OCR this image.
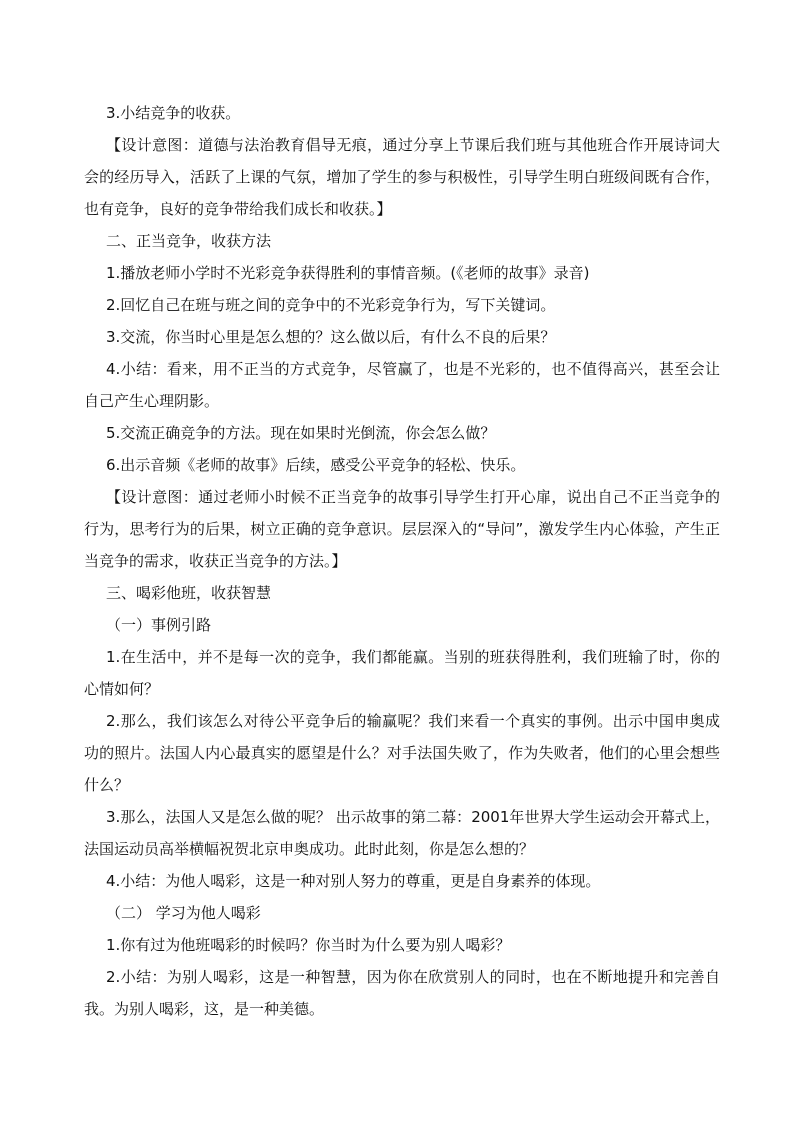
3.小结竞争的收获。

【设计意图：道德与法治教育倡导无痕，通过分享上节课后我们班与其他班合作开展诗词大会的经历导入，活跃了上课的气氛，增加了学生的参与积极性，引导学生明白班级间既有合作，也有竞争，良好的竞争带给我们成长和收获。】

二、正当竞争，收获方法

1.播放老师小学时不光彩竞争获得胜利的事情音频。(《老师的故事》录音)

2.回忆自己在班与班之间的竞争中的不光彩竞争行为，写下关键词。

3.交流，你当时心里是怎么想的？这么做以后，有什么不良的后果？

4.小结：看来，用不正当的方式竞争，尽管赢了，也是不光彩的，也不值得高兴，甚至会让自己产生心理阴影。

5.交流正确竞争的方法。现在如果时光倒流，你会怎么做？

6.出示音频《老师的故事》后续，感受公平竞争的轻松、快乐。

【设计意图：通过老师小时候不正当竞争的故事引导学生打开心扉，说出自己不正当竞争的行为，思考行为的后果，树立正确的竞争意识。层层深入的“导问”，激发学生内心体验，产生正当竞争的需求，收获正当竞争的方法。】

三、喝彩他班，收获智慧

（一）事例引路

1.在生活中，并不是每一次的竞争，我们都能赢。当别的班获得胜利，我们班输了时，你的心情如何？

2.那么，我们该怎么对待公平竞争后的输赢呢？我们来看一个真实的事例。出示中国申奥成功的照片。法国人内心最真实的愿望是什么？对手法国失败了，作为失败者，他们的心里会想些什么？

3.那么，法国人又是怎么做的呢？ 出示故事的第二幕：2001年世界大学生运动会开幕式上，法国运动员高举横幅祝贺北京申奥成功。此时此刻，你是怎么想的？

4.小结：为他人喝彩，这是一种对别人努力的尊重，更是自身素养的体现。

（二） 学习为他人喝彩

1.你有过为他班喝彩的时候吗？你当时为什么要为别人喝彩？

2.小结：为别人喝彩，这是一种智慧，因为你在欣赏别人的同时，也在不断地提升和完善自我。为别人喝彩，这，是一种美德。
